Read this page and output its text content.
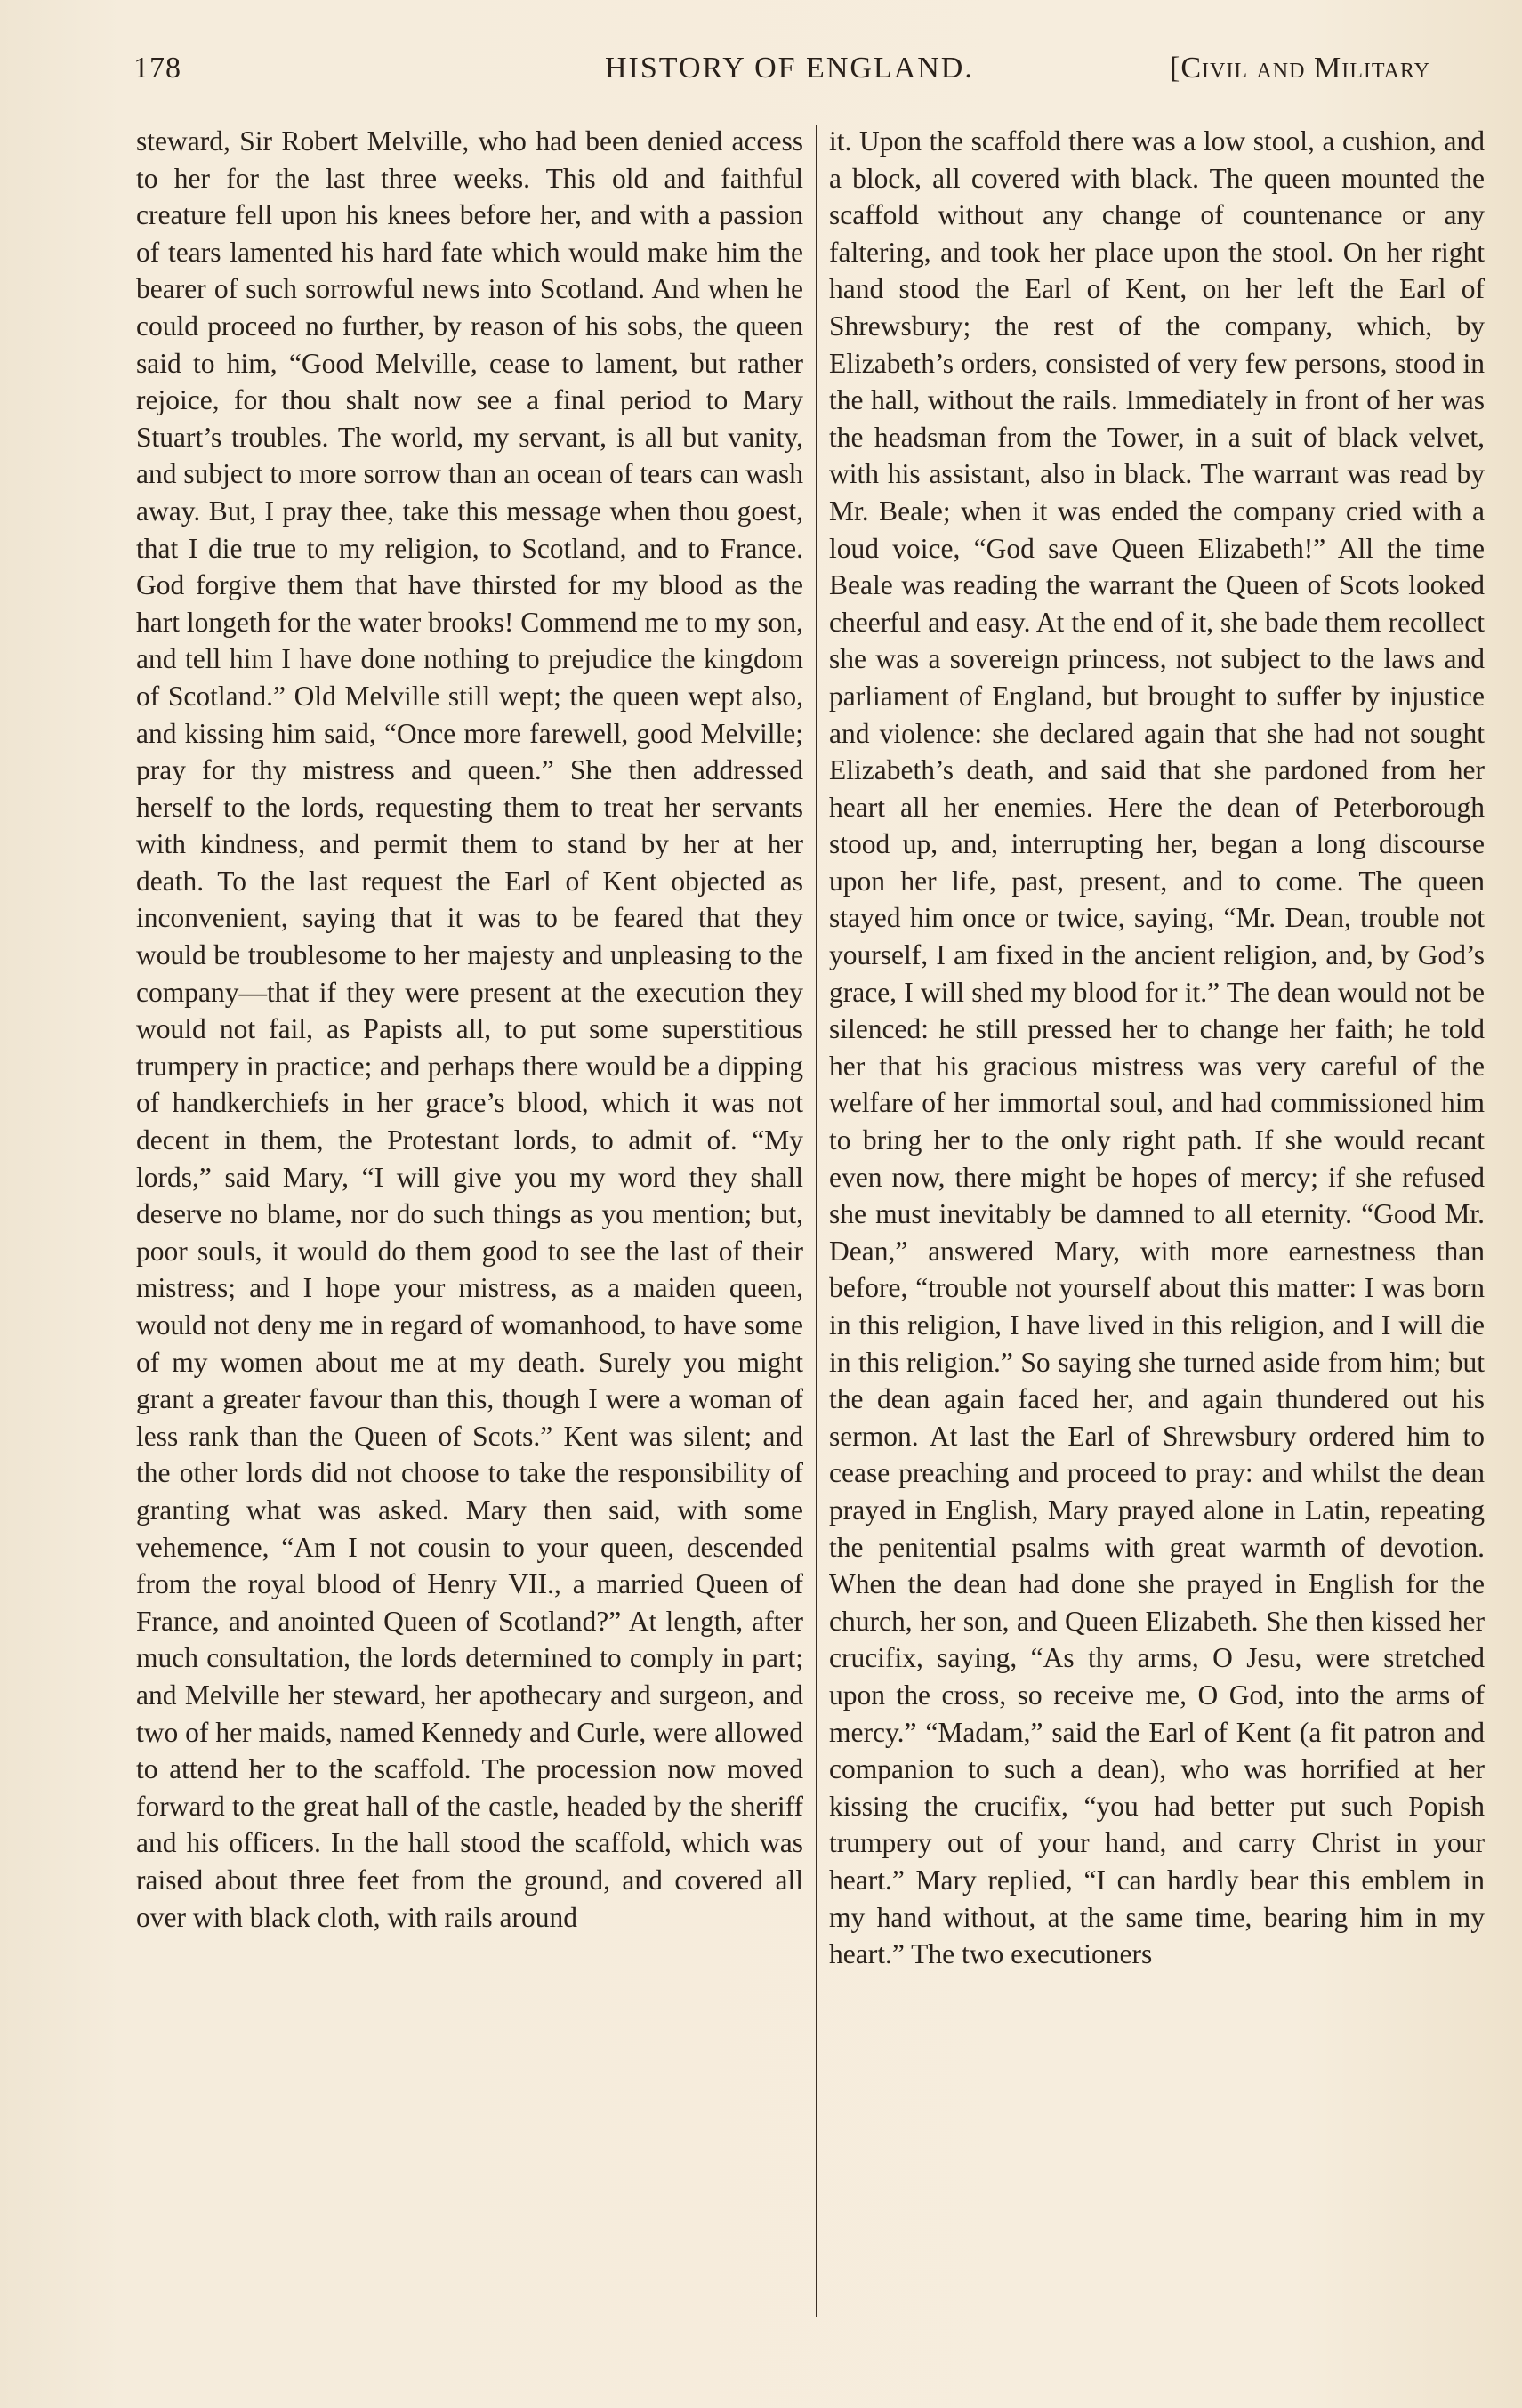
178	HISTORY OF ENGLAND.	[Civil and Military

steward, Sir Robert Melville, who had been denied access to her for the last three weeks. This old and faithful creature fell upon his knees before her, and with a passion of tears lamented his hard fate which would make him the bearer of such sorrowful news into Scotland. And when he could proceed no further, by reason of his sobs, the queen said to him, “Good Melville, cease to lament, but rather rejoice, for thou shalt now see a final period to Mary Stuart’s troubles. The world, my servant, is all but vanity, and subject to more sorrow than an ocean of tears can wash away. But, I pray thee, take this message when thou goest, that I die true to my religion, to Scotland, and to France. God forgive them that have thirsted for my blood as the hart longeth for the water brooks! Commend me to my son, and tell him I have done nothing to prejudice the kingdom of Scotland.” Old Melville still wept; the queen wept also, and kissing him said, “Once more farewell, good Melville; pray for thy mistress and queen.” She then addressed herself to the lords, requesting them to treat her servants with kindness, and permit them to stand by her at her death. To the last request the Earl of Kent objected as inconvenient, saying that it was to be feared that they would be troublesome to her majesty and unpleasing to the company—that if they were present at the execution they would not fail, as Papists all, to put some superstitious trumpery in practice; and perhaps there would be a dipping of handkerchiefs in her grace’s blood, which it was not decent in them, the Protestant lords, to admit of. “My lords,” said Mary, “I will give you my word they shall deserve no blame, nor do such things as you mention; but, poor souls, it would do them good to see the last of their mistress; and I hope your mistress, as a maiden queen, would not deny me in regard of womanhood, to have some of my women about me at my death. Surely you might grant a greater favour than this, though I were a woman of less rank than the Queen of Scots.” Kent was silent; and the other lords did not choose to take the responsibility of granting what was asked. Mary then said, with some vehemence, “Am I not cousin to your queen, descended from the royal blood of Henry VII., a married Queen of France, and anointed Queen of Scotland?” At length, after much consultation, the lords determined to comply in part; and Melville her steward, her apothecary and surgeon, and two of her maids, named Kennedy and Curle, were allowed to attend her to the scaffold. The procession now moved forward to the great hall of the castle, headed by the sheriff and his officers. In the hall stood the scaffold, which was raised about three feet from the ground, and covered all over with black cloth, with rails around

it. Upon the scaffold there was a low stool, a cushion, and a block, all covered with black. The queen mounted the scaffold without any change of countenance or any faltering, and took her place upon the stool. On her right hand stood the Earl of Kent, on her left the Earl of Shrewsbury; the rest of the company, which, by Elizabeth’s orders, consisted of very few persons, stood in the hall, without the rails. Immediately in front of her was the headsman from the Tower, in a suit of black velvet, with his assistant, also in black. The warrant was read by Mr. Beale; when it was ended the company cried with a loud voice, “God save Queen Elizabeth!” All the time Beale was reading the warrant the Queen of Scots looked cheerful and easy. At the end of it, she bade them recollect she was a sovereign princess, not subject to the laws and parliament of England, but brought to suffer by injustice and violence: she declared again that she had not sought Elizabeth’s death, and said that she pardoned from her heart all her enemies. Here the dean of Peterborough stood up, and, interrupting her, began a long discourse upon her life, past, present, and to come. The queen stayed him once or twice, saying, “Mr. Dean, trouble not yourself, I am fixed in the ancient religion, and, by God’s grace, I will shed my blood for it.” The dean would not be silenced: he still pressed her to change her faith; he told her that his gracious mistress was very careful of the welfare of her immortal soul, and had commissioned him to bring her to the only right path. If she would recant even now, there might be hopes of mercy; if she refused she must inevitably be damned to all eternity. “Good Mr. Dean,” answered Mary, with more earnestness than before, “trouble not yourself about this matter: I was born in this religion, I have lived in this religion, and I will die in this religion.” So saying she turned aside from him; but the dean again faced her, and again thundered out his sermon. At last the Earl of Shrewsbury ordered him to cease preaching and proceed to pray: and whilst the dean prayed in English, Mary prayed alone in Latin, repeating the penitential psalms with great warmth of devotion. When the dean had done she prayed in English for the church, her son, and Queen Elizabeth. She then kissed her crucifix, saying, “As thy arms, O Jesu, were stretched upon the cross, so receive me, O God, into the arms of mercy.” “Madam,” said the Earl of Kent (a fit patron and companion to such a dean), who was horrified at her kissing the crucifix, “you had better put such Popish trumpery out of your hand, and carry Christ in your heart.” Mary replied, “I can hardly bear this emblem in my hand without, at the same time, bearing him in my heart.” The two executioners
